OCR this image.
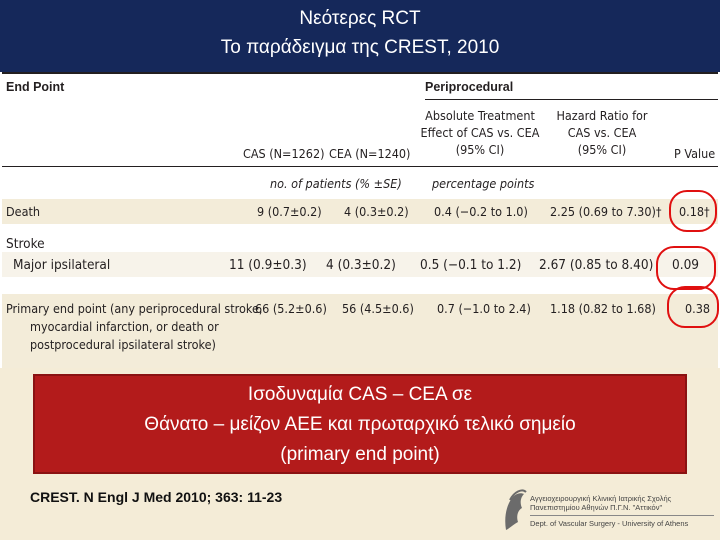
Νεότερες RCT
Το παράδειγμα της CREST, 2010
End Point	Periprocedural
Absolute Treatment
Effect of CAS vs. CEA
(95% CI)
Hazard Ratio for
CAS vs. CEA
(95% CI)
CAS (N=1262) CEA (N=1240)	P Value
no. of patients (% ±SE) percentage points
Death	9 (0.7±0.2) 4 (0.3±0.2) 0.4 (−0.2 to 1.0) 2.25 (0.69 to 7.30)† 0.18†
Stroke
Major ipsilateral	11 (0.9±0.3) 4 (0.3±0.2) 0.5 (−0.1 to 1.2) 2.67 (0.85 to 8.40) 0.09
Primary end point (any periprocedural stroke,
myocardial infarction, or death or
postprocedural ipsilateral stroke)
66 (5.2±0.6) 56 (4.5±0.6) 0.7 (−1.0 to 2.4) 1.18 (0.82 to 1.68) 0.38
Ισοδυναμία CAS – CEA σε
Θάνατο – μείζον ΑΕΕ και πρωταρχικό τελικό σημείο
(primary end point)
CREST. N Engl J Med 2010; 363: 11-23	Αγγειοχειρουργική Κλινική Ιατρικής Σχολής
Πανεπιστημίου Αθηνών Π.Γ.Ν. "Αττικόν"
Dept. of Vascular Surgery - University of Athens
